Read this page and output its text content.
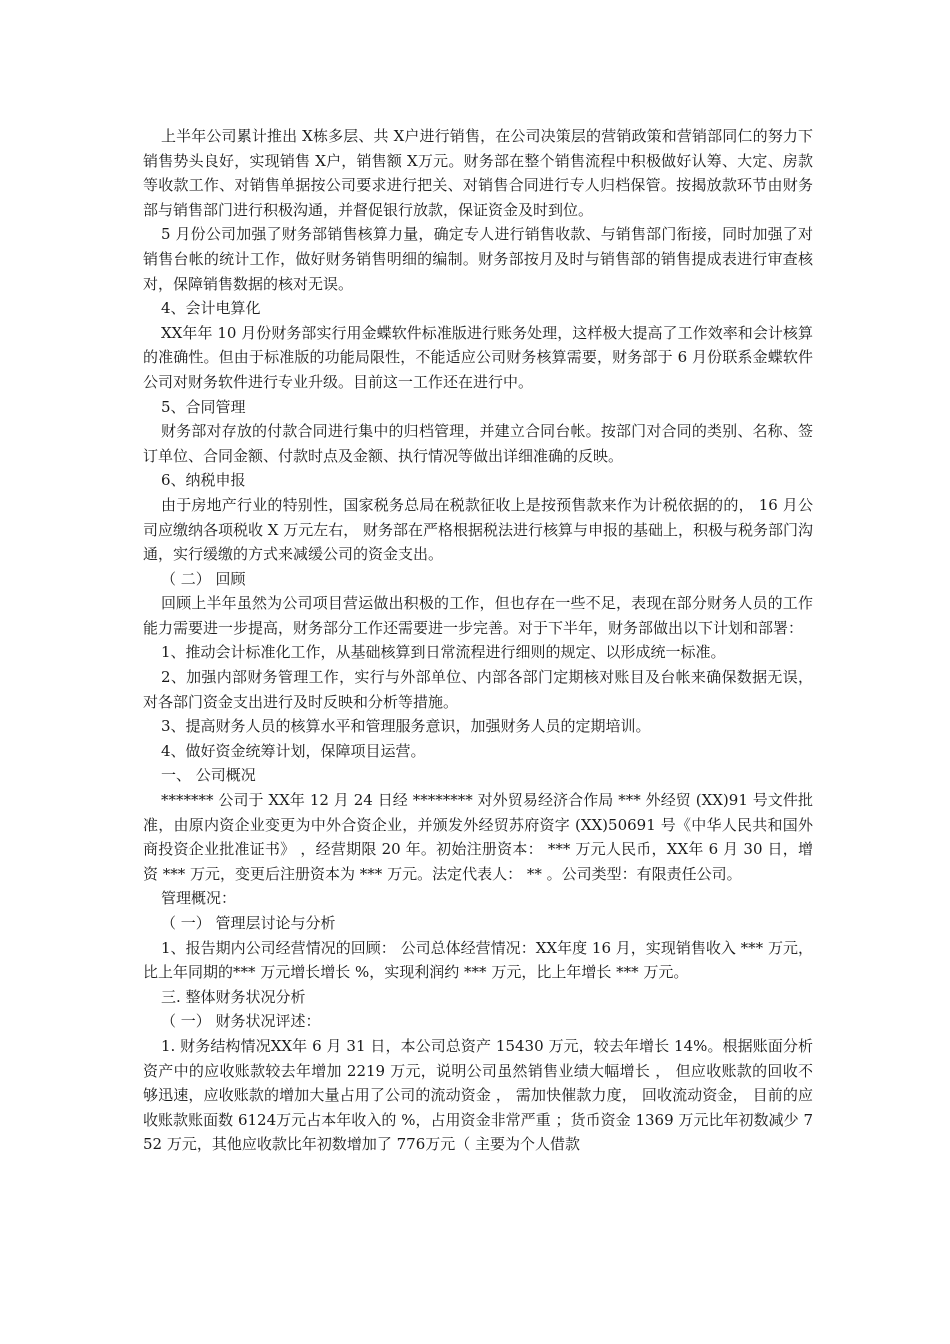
上半年公司累计推出 X栋多层、共 X户进行销售，在公司决策层的营销政策和营销部同仁的努力下销售势头良好，实现销售 X户，销售额 X万元。财务部在整个销售流程中积极做好认筹、大定、房款等收款工作、对销售单据按公司要求进行把关、对销售合同进行专人归档保管。按揭放款环节由财务部与销售部门进行积极沟通，并督促银行放款，保证资金及时到位。

5 月份公司加强了财务部销售核算力量，确定专人进行销售收款、与销售部门衔接，同时加强了对销售台帐的统计工作，做好财务销售明细的编制。财务部按月及时与销售部的销售提成表进行审查核对，保障销售数据的核对无误。

4、会计电算化

XX年年 10 月份财务部实行用金蝶软件标准版进行账务处理，这样极大提高了工作效率和会计核算的准确性。但由于标准版的功能局限性，不能适应公司财务核算需要，财务部于 6 月份联系金蝶软件公司对财务软件进行专业升级。目前这一工作还在进行中。

5、合同管理

财务部对存放的付款合同进行集中的归档管理，并建立合同台帐。按部门对合同的类别、名称、签订单位、合同金额、付款时点及金额、执行情况等做出详细准确的反映。

6、纳税申报

由于房地产行业的特别性，国家税务总局在税款征收上是按预售款来作为计税依据的的， 16 月公司应缴纳各项税收 X 万元左右， 财务部在严格根据税法进行核算与申报的基础上，积极与税务部门沟通，实行缓缴的方式来减缓公司的资金支出。

（ 二） 回顾

回顾上半年虽然为公司项目营运做出积极的工作，但也存在一些不足，表现在部分财务人员的工作能力需要进一步提高，财务部分工作还需要进一步完善。对于下半年，财务部做出以下计划和部署：

1、推动会计标准化工作，从基础核算到日常流程进行细则的规定、以形成统一标准。

2、加强内部财务管理工作，实行与外部单位、内部各部门定期核对账目及台帐来确保数据无误，对各部门资金支出进行及时反映和分析等措施。

3、提高财务人员的核算水平和管理服务意识，加强财务人员的定期培训。

4、做好资金统筹计划，保障项目运营。

一、 公司概况

******* 公司于 XX年 12 月 24 日经 ******** 对外贸易经济合作局 *** 外经贸 (XX)91 号文件批准，由原内资企业变更为中外合资企业，并颁发外经贸苏府资字 (XX)50691 号《中华人民共和国外商投资企业批准证书》 ，经营期限 20 年。初始注册资本： *** 万元人民币，XX年 6 月 30 日，增资 *** 万元，变更后注册资本为 *** 万元。法定代表人： ** 。公司类型：有限责任公司。

管理概况：

（ 一） 管理层讨论与分析

1、报告期内公司经营情况的回顾： 公司总体经营情况：XX年度 16 月，实现销售收入 *** 万元，比上年同期的*** 万元增长增长 %，实现利润约 *** 万元，比上年增长 *** 万元。

三. 整体财务状况分析

（ 一） 财务状况评述：

1. 财务结构情况XX年 6 月 31 日，本公司总资产 15430 万元，较去年增长 14%。根据账面分析资产中的应收账款较去年增加 2219 万元，说明公司虽然销售业绩大幅增长 ， 但应收账款的回收不够迅速，应收账款的增加大量占用了公司的流动资金 ， 需加快催款力度， 回收流动资金， 目前的应收账款账面数 6124万元占本年收入的 %，占用资金非常严重 ；货币资金 1369 万元比年初数减少 752 万元，其他应收款比年初数增加了 776万元（ 主要为个人借款
